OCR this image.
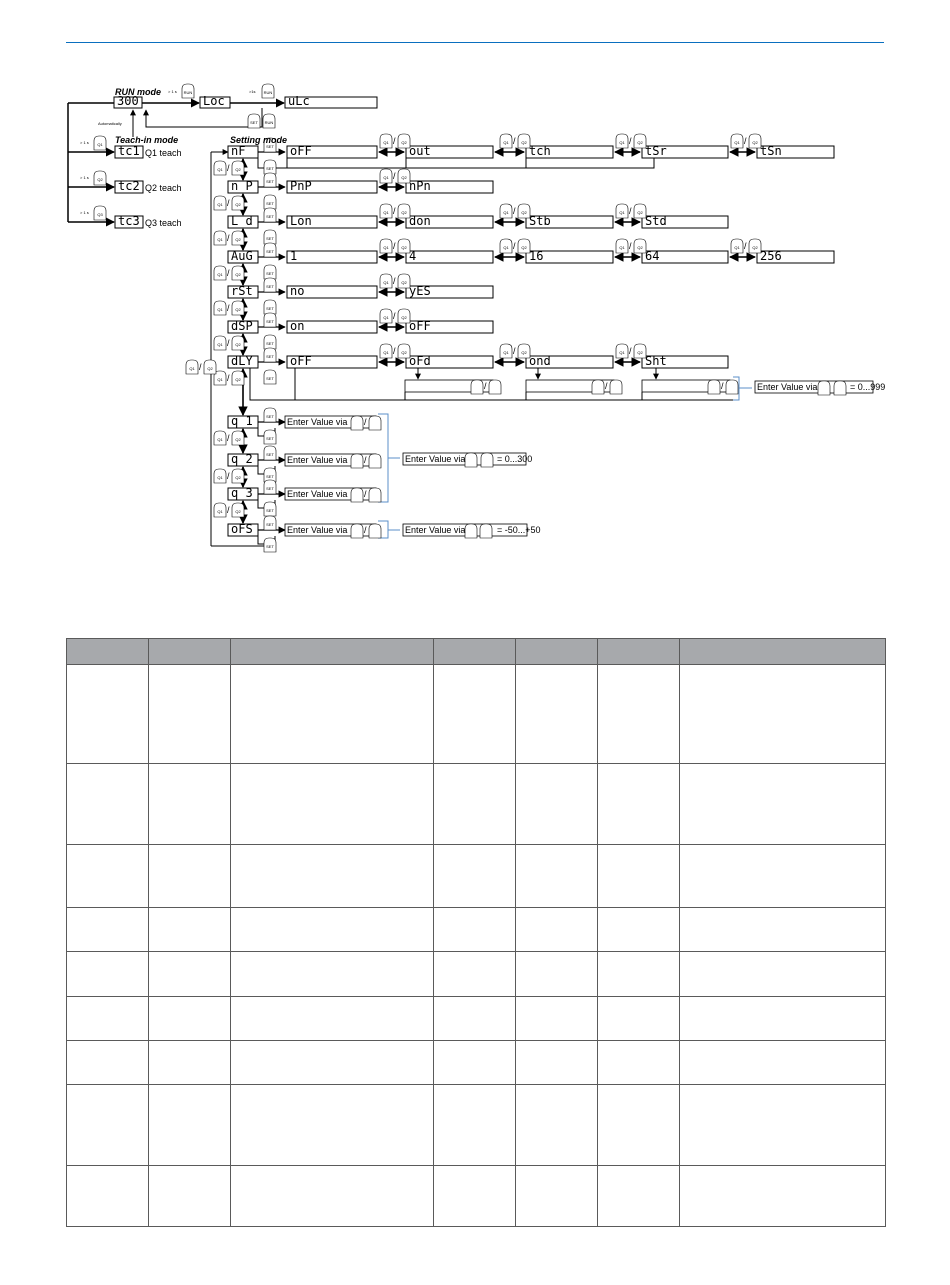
RUN	RUN
SET RUN
Q1
Q2
Q3
Q1	Q2
SET
SET
Q1	Q2	Q1	Q2	Q1	Q2	Q1	Q2
Q1	Q2
SET
SET
Q1	Q2
Q1	Q2
SET
SET
Q1	Q2	Q1	Q2	Q1	Q2
Q1	Q2
SET
SET
Q1	Q2	Q1	Q2	Q1	Q2	Q1	Q2
Q1	Q2
SET
SET
Q1	Q2
Q1	Q2
SET
SET
Q1	Q2
Q1	Q2
SET
SET
Q1	Q2	Q1	Q2	Q1	Q2
Q1	Q2
SET
SET
Q1	Q2
SET
SET
Q1	Q2
SET
SET
SET
SET
Q1	Q2
RUN mode
300
> 1 s
Loc
>1s
uLc
Automatically
Teach-in mode
> 1 s
tc1 Q1 teach
> 1 s
tc2 Q2 teach
> 1 s
tc3 Q3 teach
Setting mode
nF
/
oFF	out
/
tch
/
tSr
/
tSn
/
n_P
/
PnP	nPn
/
L_d
/
Lon	don
/
Stb
/
Std
/
AuG
/
1	4
/
16
/
64
/
256
/
rSt
/
no	yES
/
dSP
/
on	oFF
/
dLY
/
oFF	oFd
/
ond
/
Sht
/
q_1
/
/
q_2
/
/
q_3
/
/
oFS	/
/	/	/	Enter Value via	= 0...999
Enter Value via
Enter Value via
Enter Value via
Enter Value via
Enter Value via	= 0...300
Enter Value via	= -50...+50
/
